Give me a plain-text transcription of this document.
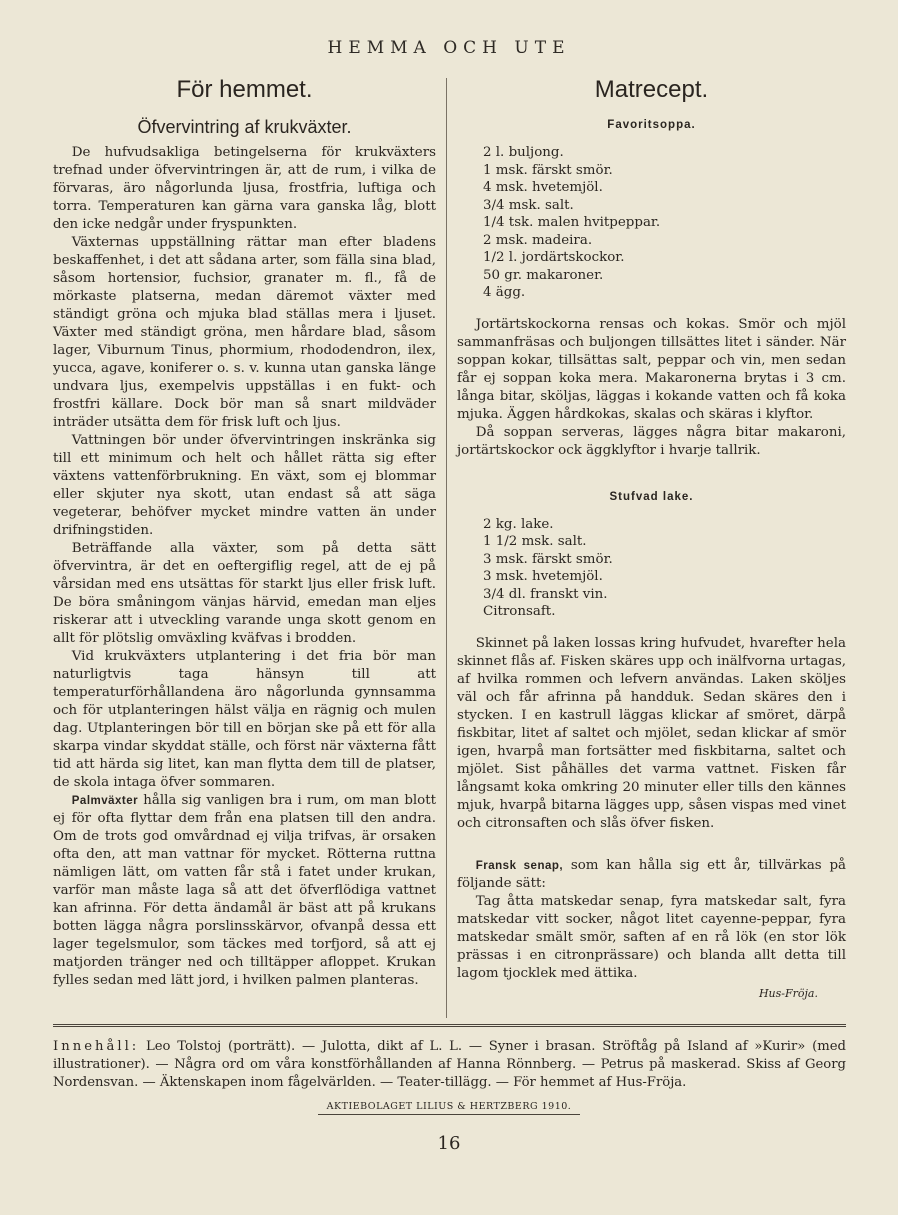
HEMMA OCH UTE
För hemmet.
Öfvervintring af krukväxter.

De hufvudsakliga betingelserna för krukväxters trefnad under öfvervintringen är, att de rum, i vilka de förvaras, äro någorlunda ljusa, frostfria, luftiga och torra. Temperaturen kan gärna vara ganska låg, blott den icke nedgår under fryspunkten.

Växternas uppställning rättar man efter bladens beskaffenhet, i det att sådana arter, som fälla sina blad, såsom hortensior, fuchsior, granater m. fl., få de mörkaste platserna, medan däremot växter med ständigt gröna och mjuka blad ställas mera i ljuset. Växter med ständigt gröna, men hårdare blad, såsom lager, Viburnum Tinus, phormium, rhododendron, ilex, yucca, agave, koniferer o. s. v. kunna utan ganska länge undvara ljus, exempelvis uppställas i en fukt- och frostfri källare. Dock bör man så snart mildväder inträder utsätta dem för frisk luft och ljus.

Vattningen bör under öfvervintringen inskränka sig till ett minimum och helt och hållet rätta sig efter växtens vattenförbrukning. En växt, som ej blommar eller skjuter nya skott, utan endast så att säga vegeterar, behöfver mycket mindre vatten än under drifningstiden.

Beträffande alla växter, som på detta sätt öfvervintra, är det en oeftergiflig regel, att de ej på vårsidan med ens utsättas för starkt ljus eller frisk luft. De böra småningom vänjas härvid, emedan man eljes riskerar att i utveckling varande unga skott genom en allt för plötslig omväxling kväfvas i brodden.

Vid krukväxters utplantering i det fria bör man naturligtvis taga hänsyn till att temperaturförhållandena äro någorlunda gynnsamma och för utplanteringen hälst välja en rägnig och mulen dag. Utplanteringen bör till en början ske på ett för alla skarpa vindar skyddat ställe, och först när växterna fått tid att härda sig litet, kan man flytta dem till de platser, de skola intaga öfver sommaren.

Palmväxter hålla sig vanligen bra i rum, om man blott ej för ofta flyttar dem från ena platsen till den andra. Om de trots god omvårdnad ej vilja trifvas, är orsaken ofta den, att man vattnar för mycket. Rötterna ruttna nämligen lätt, om vatten får stå i fatet under krukan, varför man måste laga så att det öfverflödiga vattnet kan afrinna. För detta ändamål är bäst att på krukans botten lägga några porslinsskärvor, ofvanpå dessa ett lager tegelsmulor, som täckes med torfjord, så att ej matjorden tränger ned och tilltäpper afloppet. Krukan fylles sedan med lätt jord, i hvilken palmen planteras.

Matrecept.
Favoritsoppa.
2 l. buljong.
1 msk. färskt smör.
4 msk. hvetemjöl.
3/4 msk. salt.
1/4 tsk. malen hvitpeppar.
2 msk. madeira.
1/2 l. jordärtskockor.
50 gr. makaroner.
4 ägg.

Jortärtskockorna rensas och kokas. Smör och mjöl sammanfräsas och buljongen tillsättes litet i sänder. När soppan kokar, tillsättas salt, peppar och vin, men sedan får ej soppan koka mera. Makaronerna brytas i 3 cm. långa bitar, sköljas, läggas i kokande vatten och få koka mjuka. Äggen hårdkokas, skalas och skäras i klyftor.

Då soppan serveras, lägges några bitar makaroni, jortärtskockor ock äggklyftor i hvarje tallrik.

Stufvad lake.
2 kg. lake.
1 1/2 msk. salt.
3 msk. färskt smör.
3 msk. hvetemjöl.
3/4 dl. franskt vin.
Citronsaft.

Skinnet på laken lossas kring hufvudet, hvarefter hela skinnet flås af. Fisken skäres upp och inälfvorna urtagas, af hvilka rommen och lefvern användas. Laken sköljes väl och får afrinna på handduk. Sedan skäres den i stycken. I en kastrull läggas klickar af smöret, därpå fiskbitar, litet af saltet och mjölet, sedan klickar af smör igen, hvarpå man fortsätter med fiskbitarna, saltet och mjölet. Sist påhälles det varma vattnet. Fisken får långsamt koka omkring 20 minuter eller tills den kännes mjuk, hvarpå bitarna lägges upp, såsen vispas med vinet och citronsaften och slås öfver fisken.

Fransk senap, som kan hålla sig ett år, tillvärkas på följande sätt:

Tag åtta matskedar senap, fyra matskedar salt, fyra matskedar vitt socker, något litet cayenne-peppar, fyra matskedar smält smör, saften af en rå lök (en stor lök prässas i en citronprässare) och blanda allt detta till lagom tjocklek med ättika.

Hus-Fröja.
Innehåll: Leo Tolstoj (porträtt). — Julotta, dikt af L. L. — Syner i brasan. Ströftåg på Island af »Kurir» (med illustrationer). — Några ord om våra konstförhållanden af Hanna Rönnberg. — Petrus på maskerad. Skiss af Georg Nordensvan. — Äktenskapen inom fågelvärlden. — Teater-tillägg. — För hemmet af Hus-Fröja.
AKTIEBOLAGET LILIUS & HERTZBERG 1910.
16
